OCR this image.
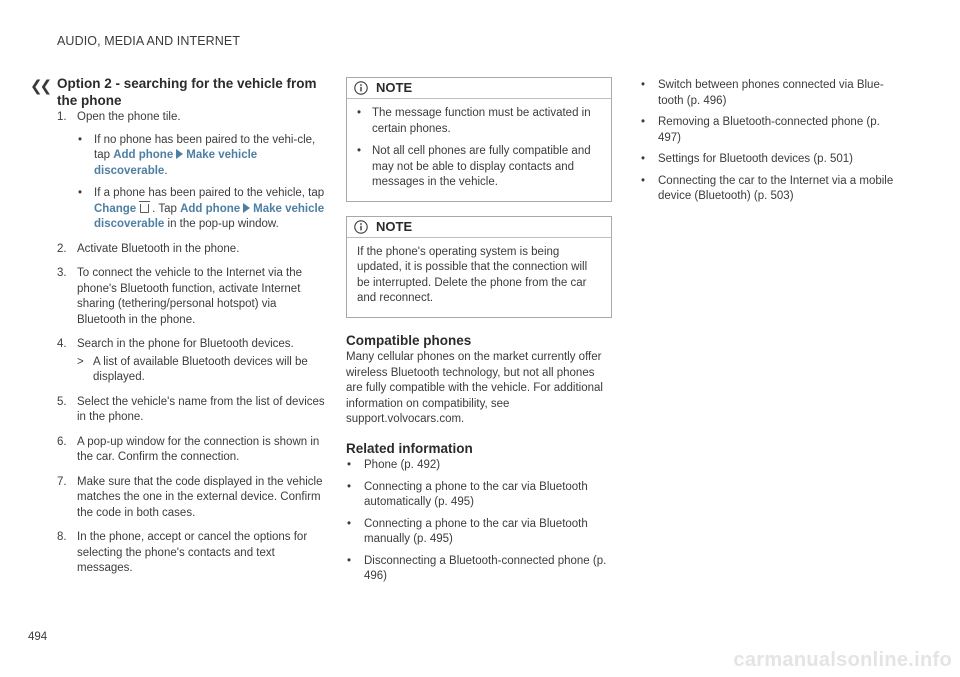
AUDIO, MEDIA AND INTERNET
❮❮ Option 2 - searching for the vehicle from the phone
1. Open the phone tile.
•	If no phone has been paired to the vehi-cle, tap Add phone Make vehicle discoverable.
•	If a phone has been paired to the vehicle, tap Change . Tap Add phone Make vehicle discoverable in the pop-up window.
2. Activate Bluetooth in the phone.
3. To connect the vehicle to the Internet via the phone's Bluetooth function, activate Internet sharing (tethering/personal hotspot) via Bluetooth in the phone.
4. Search in the phone for Bluetooth devices.
> A list of available Bluetooth devices will be displayed.
5. Select the vehicle's name from the list of devices in the phone.
6. A pop-up window for the connection is shown in the car. Confirm the connection.
7. Make sure that the code displayed in the vehicle matches the one in the external device. Confirm the code in both cases.
8. In the phone, accept or cancel the options for selecting the phone's contacts and text messages.
NOTE
• The message function must be activated in certain phones.
• Not all cell phones are fully compatible and may not be able to display contacts and messages in the vehicle.
NOTE
If the phone's operating system is being updated, it is possible that the connection will be interrupted. Delete the phone from the car and reconnect.
Compatible phones

Many cellular phones on the market currently offer wireless Bluetooth technology, but not all phones are fully compatible with the vehicle. For additional information on compatibility, see support.volvocars.com.

Related information
•	Phone (p. 492)
•	Connecting a phone to the car via Bluetooth automatically (p. 495)
•	Connecting a phone to the car via Bluetooth manually (p. 495)
•	Disconnecting a Bluetooth-connected phone (p. 496)
•	Switch between phones connected via Blue-tooth (p. 496)
•	Removing a Bluetooth-connected phone (p. 497)
•	Settings for Bluetooth devices (p. 501)
•	Connecting the car to the Internet via a mobile device (Bluetooth) (p. 503)
494
carmanualsonline.info
